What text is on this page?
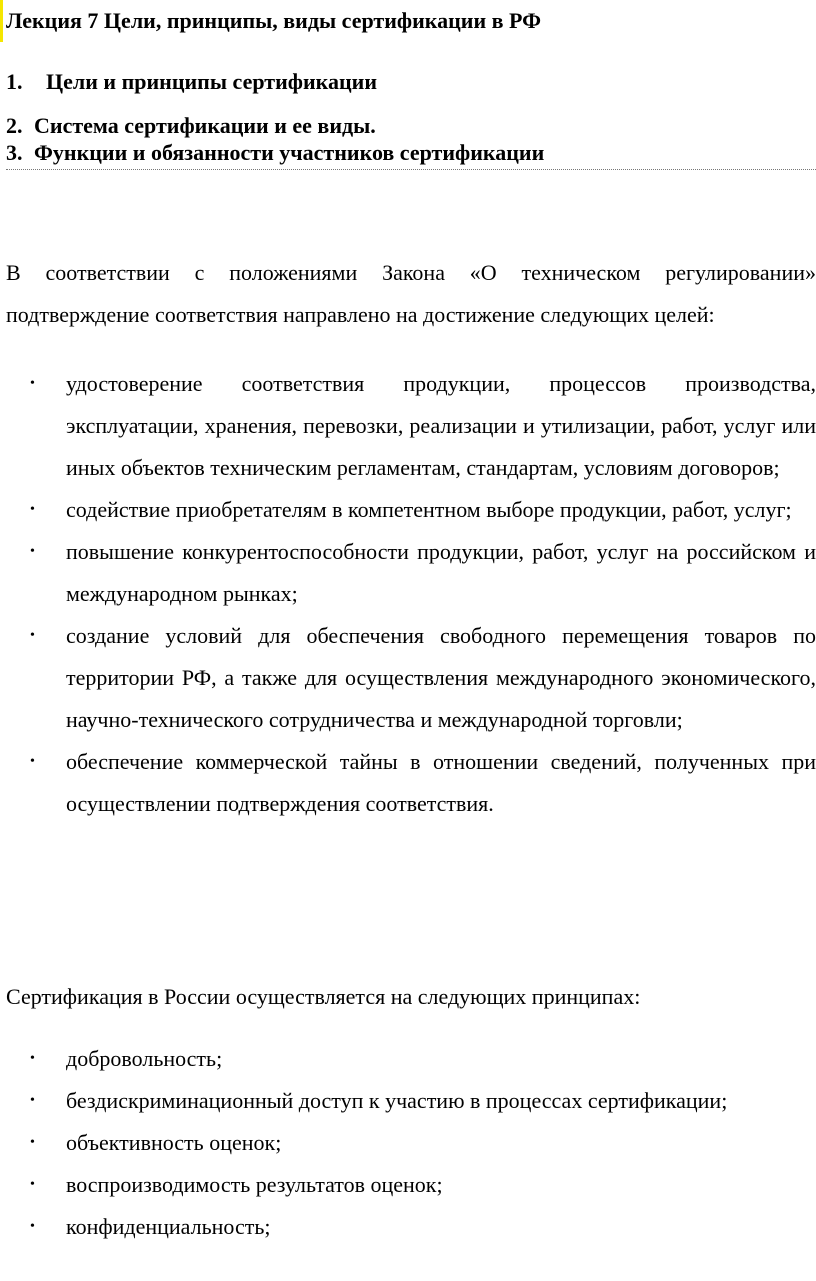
Лекция 7 Цели, принципы, виды сертификации в РФ
1. Цели и принципы сертификации
2. Система сертификации и ее виды.
3. Функции и обязанности участников сертификации

В соответствии с положениями Закона «О техническом регулировании» подтверждение соответствия направлено на достижение следующих целей:

• удостоверение соответствия продукции, процессов производства, эксплуатации, хранения, перевозки, реализации и утилизации, работ, услуг или иных объектов техническим регламентам, стандартам, условиям договоров;
• содействие приобретателям в компетентном выборе продукции, работ, услуг;
• повышение конкурентоспособности продукции, работ, услуг на российском и международном рынках;
• создание условий для обеспечения свободного перемещения товаров по территории РФ, а также для осуществления международного экономического, научно-технического сотрудничества и международной торговли;
• обеспечение коммерческой тайны в отношении сведений, полученных при осуществлении подтверждения соответствия.

Сертификация в России осуществляется на следующих принципах:

• добровольность;
• бездискриминационный доступ к участию в процессах сертификации;
• объективность оценок;
• воспроизводимость результатов оценок;
• конфиденциальность;
